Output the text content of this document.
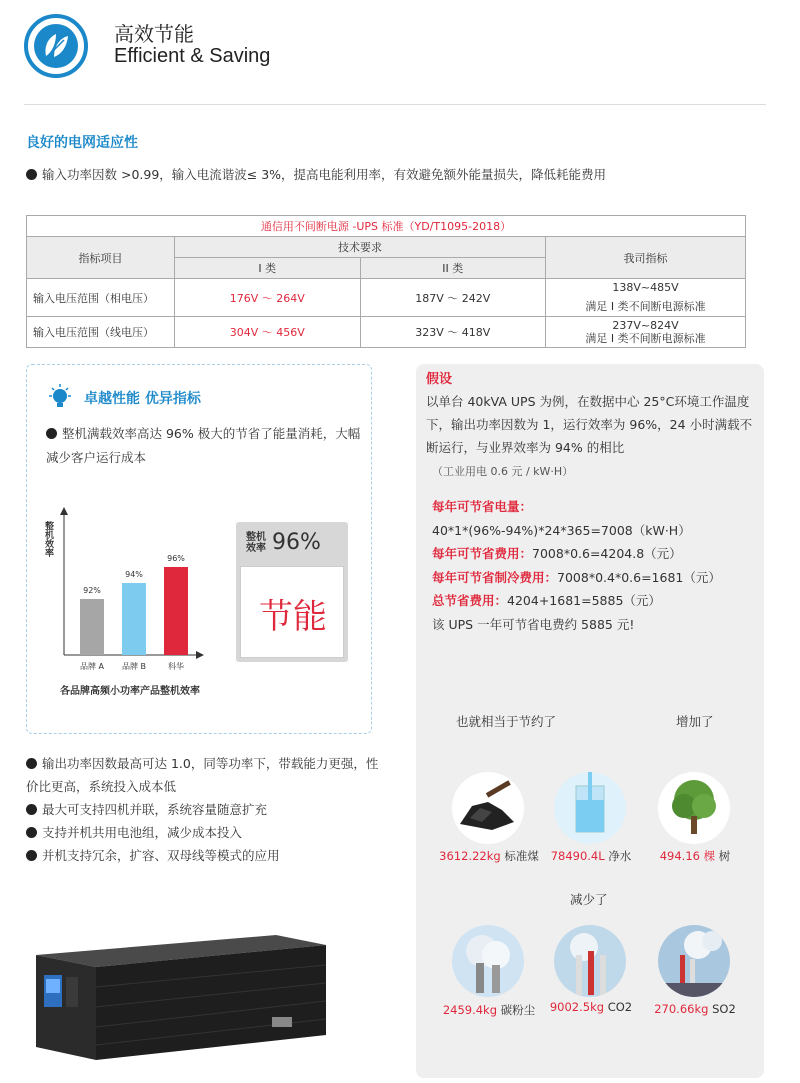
高效节能
Efficient & Saving
良好的电网适应性
输入功率因数 >0.99，输入电流谐波≤ 3%，提高电能利用率，有效避免额外能量损失，降低耗能费用
通信用不间断电源 -UPS 标准（YD/T1095-2018）			
指标项目	技术要求		我司指标
	I 类	II 类	
输入电压范围（相电压）	176V ～ 264V	187V ～ 242V	138V~485V
满足 I 类不间断电源标准

输入电压范围（线电压）	304V ～ 456V	323V ～ 418V	237V~824V
满足 I 类不间断电源标准
卓越性能 优异指标
整机满载效率高达 96% 极大的节省了能量消耗，大幅减少客户运行成本
整机效率
92%
品牌 A
94%
品牌 B
96%
科华
各品牌高频小功率产品整机效率
整机
效率 96%
节能
输出功率因数最高可达 1.0，同等功率下，带载能力更强，性价比更高，系统投入成本低
最大可支持四机并联，系统容量随意扩充
支持并机共用电池组，减少成本投入
并机支持冗余，扩容、双母线等模式的应用
假设
以单台 40kVA UPS 为例，在数据中心 25°C环境工作温度下，输出功率因数为 1，运行效率为 96%，24 小时满载不断运行，与业界效率为 94% 的相比
（工业用电 0.6 元 / kW·H）
每年可节省电量：
40*1*(96%-94%)*24*365=7008（kW·H）
每年可节省费用：7008*0.6=4204.8（元）
每年可节省制冷费用：7008*0.4*0.6=1681（元）
总节省费用：4204+1681=5885（元）
该 UPS 一年可节省电费约 5885 元!
也就相当于节约了	增加了
3612.22kg 标准煤	78490.4L 净水	494.16 棵 树
减少了
2459.4kg 碳粉尘	9002.5kg CO2	270.66kg SO2
